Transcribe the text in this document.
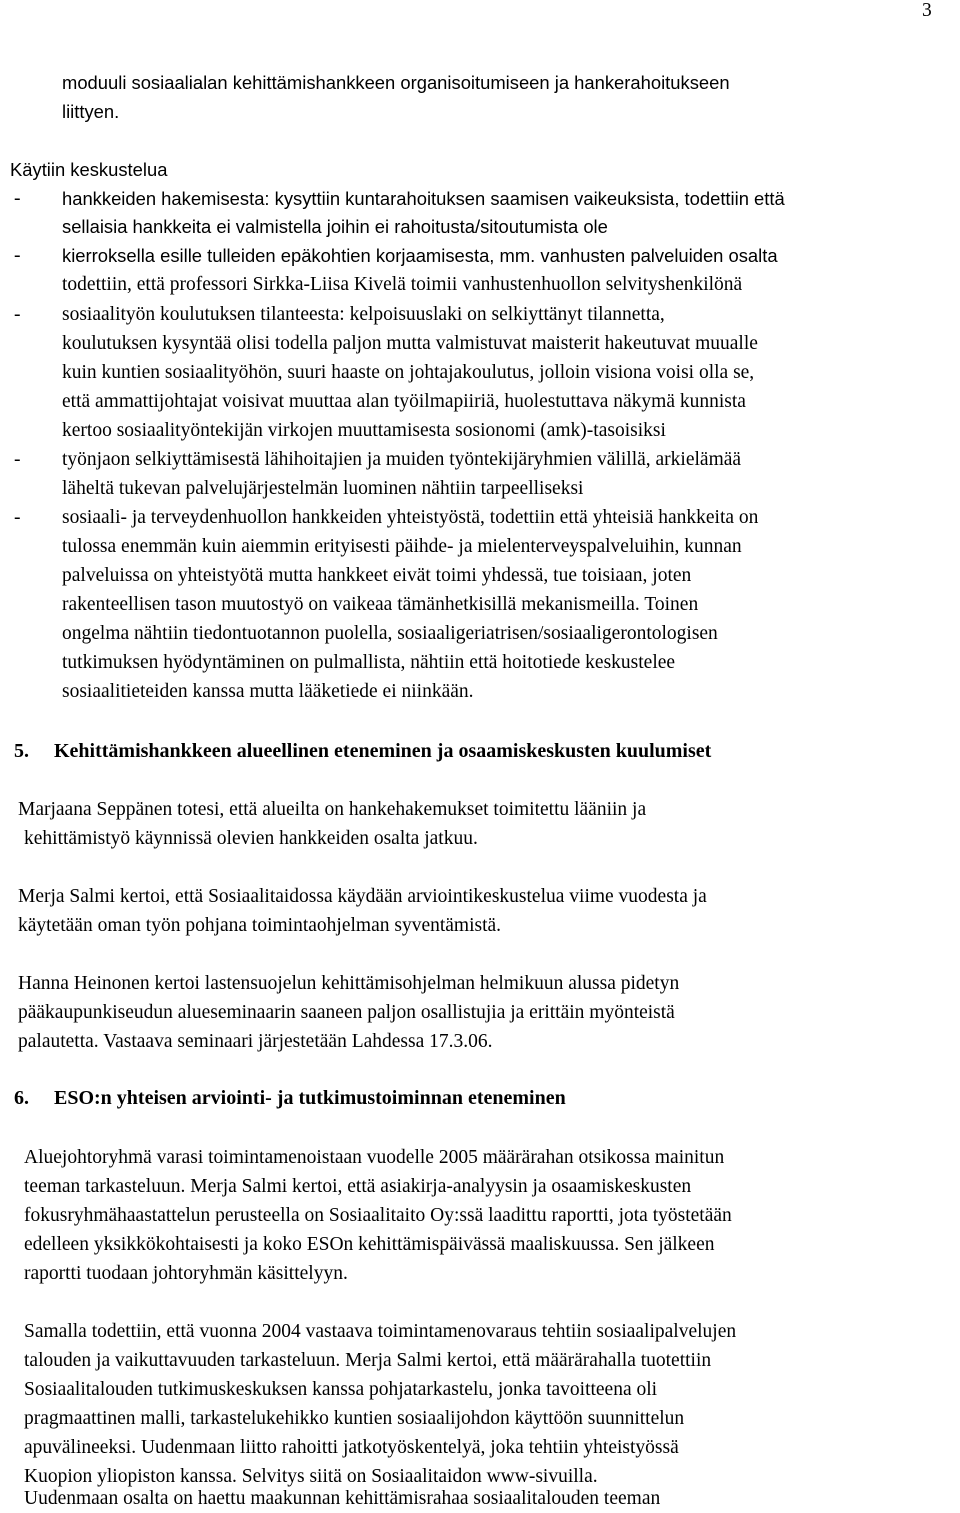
3
moduuli sosiaalialan kehittämishankkeen organisoitumiseen ja hankerahoitukseen
liittyen.
Käytiin keskustelua
- hankkeiden hakemisesta: kysyttiin kuntarahoituksen saamisen vaikeuksista, todettiin että
sellaisia hankkeita ei valmistella joihin ei rahoitusta/sitoutumista ole
- kierroksella esille tulleiden epäkohtien korjaamisesta, mm. vanhusten palveluiden osalta
todettiin, että professori Sirkka-Liisa Kivelä toimii vanhustenhuollon selvityshenkilönä
- sosiaalityön koulutuksen tilanteesta: kelpoisuuslaki on selkiyttänyt tilannetta,
koulutuksen kysyntää olisi todella paljon mutta valmistuvat maisterit hakeutuvat muualle
kuin kuntien sosiaalityöhön, suuri haaste on johtajakoulutus, jolloin visiona voisi olla se,
että ammattijohtajat voisivat muuttaa alan työilmapiiriä, huolestuttava näkymä kunnista
kertoo sosiaalityöntekijän virkojen muuttamisesta sosionomi (amk)-tasoisiksi
- työnjaon selkiyttämisestä lähihoitajien ja muiden työntekijäryhmien välillä, arkielämää
läheltä tukevan palvelujärjestelmän luominen nähtiin tarpeelliseksi
- sosiaali- ja terveydenhuollon hankkeiden yhteistyöstä, todettiin että yhteisiä hankkeita on
tulossa enemmän kuin aiemmin erityisesti päihde- ja mielenterveyspalveluihin, kunnan
palveluissa on yhteistyötä mutta hankkeet eivät toimi yhdessä, tue toisiaan, joten
rakenteellisen tason muutostyö on vaikeaa tämänhetkisillä mekanismeilla. Toinen
ongelma nähtiin tiedontuotannon puolella, sosiaaligeriatrisen/sosiaaligerontologisen
tutkimuksen hyödyntäminen on pulmallista, nähtiin että hoitotiede keskustelee
sosiaalitieteiden kanssa mutta lääketiede ei niinkään.
5. Kehittämishankkeen alueellinen eteneminen ja osaamiskeskusten kuulumiset
Marjaana Seppänen totesi, että alueilta on hankehakemukset toimitettu lääniin ja
kehittämistyö käynnissä olevien hankkeiden osalta jatkuu.
Merja Salmi kertoi, että Sosiaalitaidossa käydään arviointikeskustelua viime vuodesta ja
käytetään oman työn pohjana toimintaohjelman syventämistä.
Hanna Heinonen kertoi lastensuojelun kehittämisohjelman helmikuun alussa pidetyn
pääkaupunkiseudun alueseminaarin saaneen paljon osallistujia ja erittäin myönteistä
palautetta. Vastaava seminaari järjestetään Lahdessa 17.3.06.
6. ESO:n yhteisen arviointi- ja tutkimustoiminnan eteneminen
Aluejohtoryhmä varasi toimintamenoistaan vuodelle 2005 määrärahan otsikossa mainitun
teeman tarkasteluun. Merja Salmi kertoi, että asiakirja-analyysin ja osaamiskeskusten
fokusryhmähaastattelun perusteella on Sosiaalitaito Oy:ssä laadittu raportti, jota työstetään
edelleen yksikkökohtaisesti ja koko ESOn kehittämispäivässä maaliskuussa. Sen jälkeen
raportti tuodaan johtoryhmän käsittelyyn.
Samalla todettiin, että vuonna 2004 vastaava toimintamenovaraus tehtiin sosiaalipalvelujen
talouden ja vaikuttavuuden tarkasteluun. Merja Salmi kertoi, että määrärahalla tuotettiin
Sosiaalitalouden tutkimuskeskuksen kanssa pohjatarkastelu, jonka tavoitteena oli
pragmaattinen malli, tarkastelukehikko kuntien sosiaalijohdon käyttöön suunnittelun
apuvälineeksi. Uudenmaan liitto rahoitti jatkotyöskentelyä, joka tehtiin yhteistyössä
Kuopion yliopiston kanssa. Selvitys siitä on Sosiaalitaidon www-sivuilla.
Uudenmaan osalta on haettu maakunnan kehittämisrahaa sosiaalitalouden teeman
